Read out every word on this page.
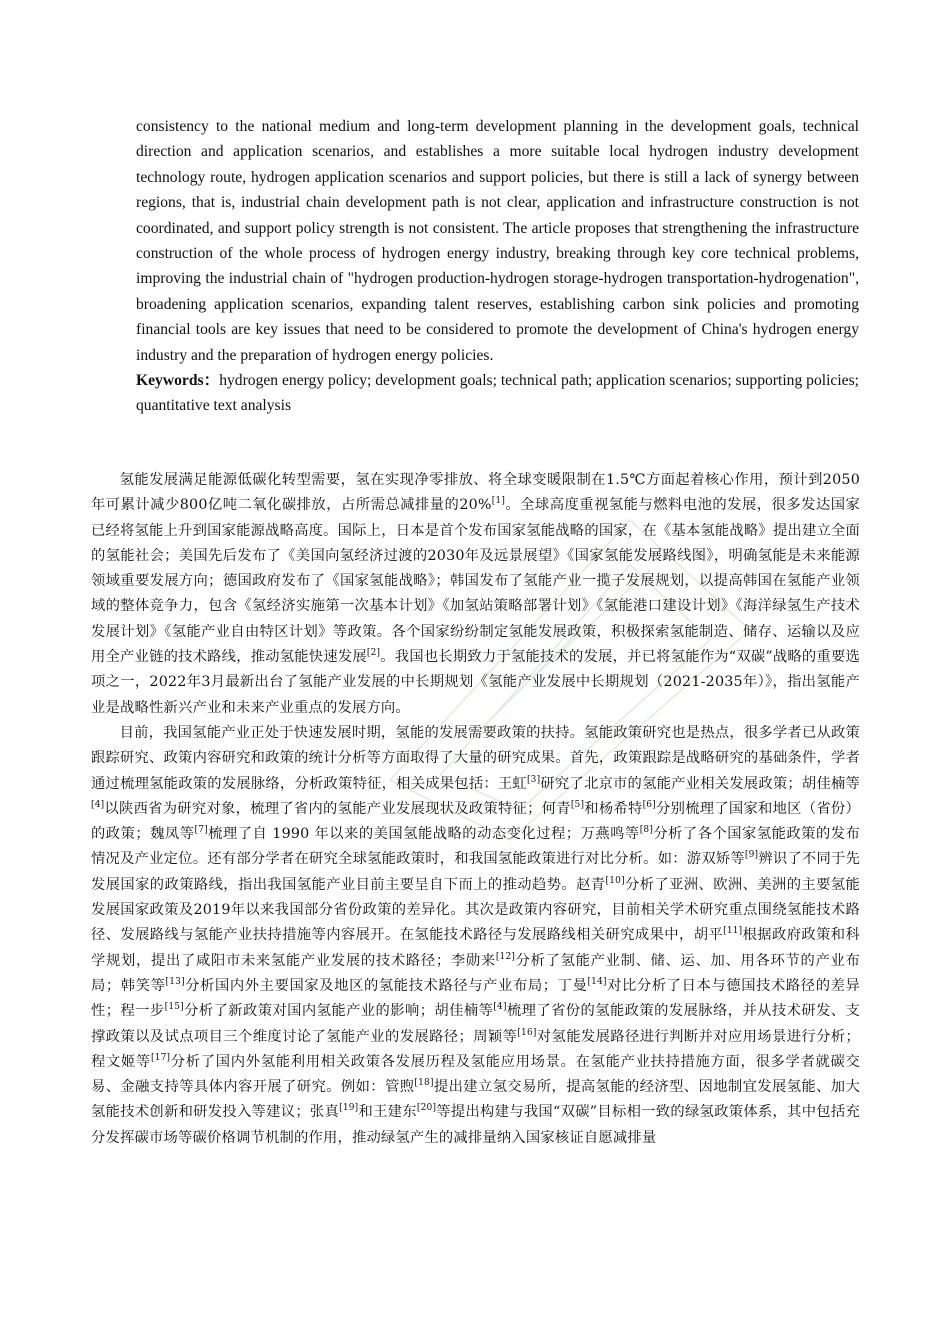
consistency to the national medium and long-term development planning in the development goals, technical direction and application scenarios, and establishes a more suitable local hydrogen industry development technology route, hydrogen application scenarios and support policies, but there is still a lack of synergy between regions, that is, industrial chain development path is not clear, application and infrastructure construction is not coordinated, and support policy strength is not consistent. The article proposes that strengthening the infrastructure construction of the whole process of hydrogen energy industry, breaking through key core technical problems, improving the industrial chain of "hydrogen production-hydrogen storage-hydrogen transportation-hydrogenation", broadening application scenarios, expanding talent reserves, establishing carbon sink policies and promoting financial tools are key issues that need to be considered to promote the development of China's hydrogen energy industry and the preparation of hydrogen energy policies.

Keywords：hydrogen energy policy; development goals; technical path; application scenarios; supporting policies; quantitative text analysis

氢能发展满足能源低碳化转型需要，氢在实现净零排放、将全球变暖限制在1.5℃方面起着核心作用，预计到2050年可累计减少800亿吨二氧化碳排放，占所需总减排量的20%[1]。全球高度重视氢能与燃料电池的发展，很多发达国家已经将氢能上升到国家能源战略高度。国际上，日本是首个发布国家氢能战略的国家，在《基本氢能战略》提出建立全面的氢能社会；美国先后发布了《美国向氢经济过渡的2030年及远景展望》《国家氢能发展路线图》，明确氢能是未来能源领域重要发展方向；德国政府发布了《国家氢能战略》；韩国发布了氢能产业一揽子发展规划，以提高韩国在氢能产业领域的整体竞争力，包含《氢经济实施第一次基本计划》《加氢站策略部署计划》《氢能港口建设计划》《海洋绿氢生产技术发展计划》《氢能产业自由特区计划》等政策。各个国家纷纷制定氢能发展政策，积极探索氢能制造、储存、运输以及应用全产业链的技术路线，推动氢能快速发展[2]。我国也长期致力于氢能技术的发展，并已将氢能作为“双碳”战略的重要选项之一，2022年3月最新出台了氢能产业发展的中长期规划《氢能产业发展中长期规划（2021-2035年）》，指出氢能产业是战略性新兴产业和未来产业重点的发展方向。

目前，我国氢能产业正处于快速发展时期，氢能的发展需要政策的扶持。氢能政策研究也是热点，很多学者已从政策跟踪研究、政策内容研究和政策的统计分析等方面取得了大量的研究成果。首先，政策跟踪是战略研究的基础条件，学者通过梳理氢能政策的发展脉络，分析政策特征，相关成果包括：王虹[3]研究了北京市的氢能产业相关发展政策；胡佳楠等[4]以陕西省为研究对象，梳理了省内的氢能产业发展现状及政策特征；何青[5]和杨希特[6]分别梳理了国家和地区（省份）的政策；魏凤等[7]梳理了自 1990 年以来的美国氢能战略的动态变化过程；万燕鸣等[8]分析了各个国家氢能政策的发布情况及产业定位。还有部分学者在研究全球氢能政策时，和我国氢能政策进行对比分析。如：游双矫等[9]辨识了不同于先发展国家的政策路线，指出我国氢能产业目前主要呈自下而上的推动趋势。赵青[10]分析了亚洲、欧洲、美洲的主要氢能发展国家政策及2019年以来我国部分省份政策的差异化。其次是政策内容研究，目前相关学术研究重点围绕氢能技术路径、发展路线与氢能产业扶持措施等内容展开。在氢能技术路径与发展路线相关研究成果中，胡平[11]根据政府政策和科学规划，提出了咸阳市未来氢能产业发展的技术路径；李勋来[12]分析了氢能产业制、储、运、加、用各环节的产业布局；韩笑等[13]分析国内外主要国家及地区的氢能技术路径与产业布局；丁曼[14]对比分析了日本与德国技术路径的差异性；程一步[15]分析了新政策对国内氢能产业的影响；胡佳楠等[4]梳理了省份的氢能政策的发展脉络，并从技术研发、支撑政策以及试点项目三个维度讨论了氢能产业的发展路径；周颖等[16]对氢能发展路径进行判断并对应用场景进行分析；程文姬等[17]分析了国内外氢能利用相关政策各发展历程及氢能应用场景。在氢能产业扶持措施方面，很多学者就碳交易、金融支持等具体内容开展了研究。例如：管煦[18]提出建立氢交易所，提高氢能的经济型、因地制宜发展氢能、加大氢能技术创新和研发投入等建议；张真[19]和王建东[20]等提出构建与我国“双碳”目标相一致的绿氢政策体系，其中包括充分发挥碳市场等碳价格调节机制的作用，推动绿氢产生的减排量纳入国家核证自愿减排量
